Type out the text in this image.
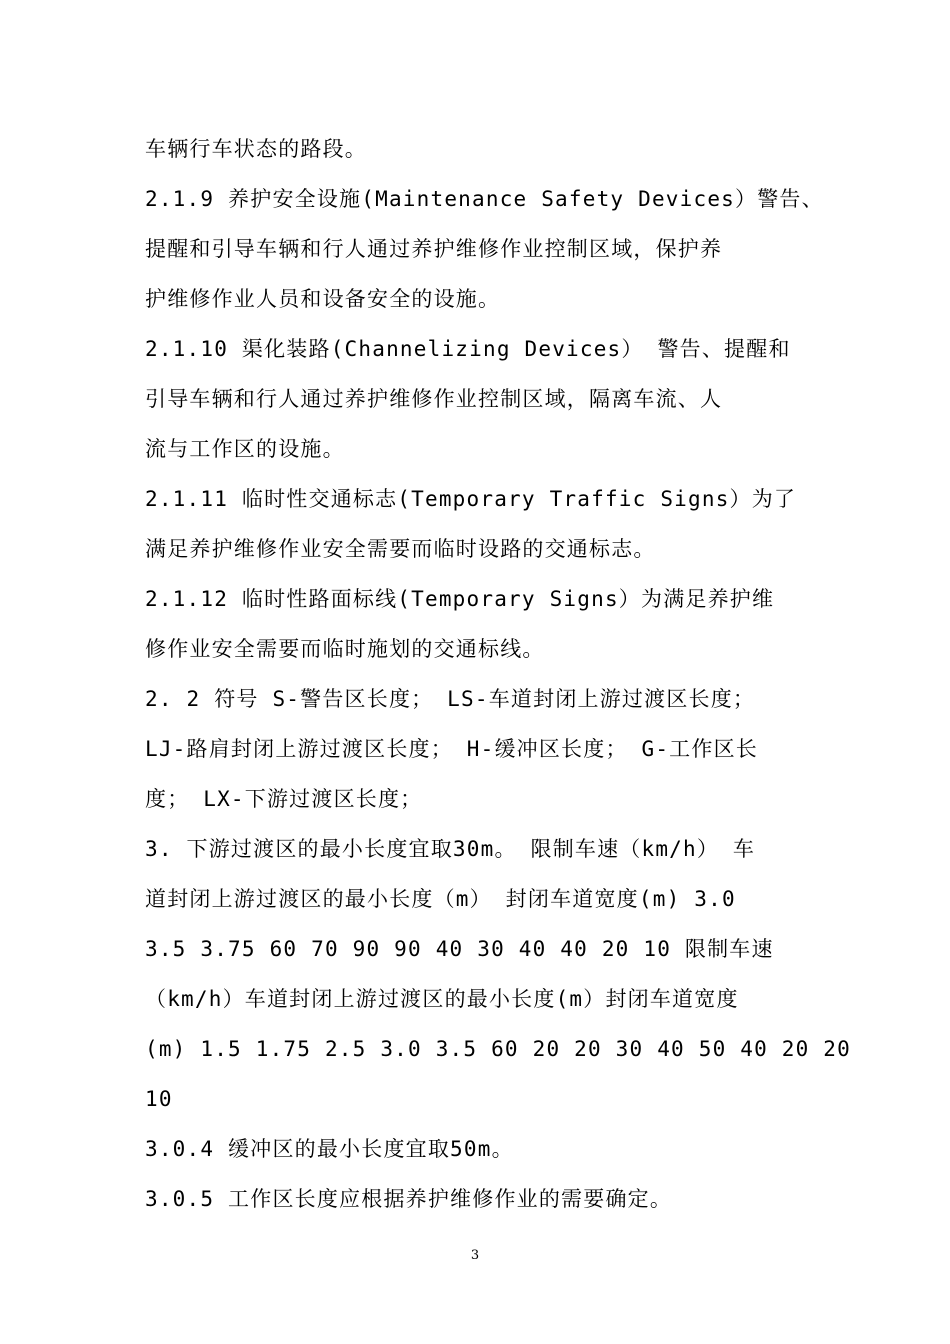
车辆行车状态的路段。
2.1.9 养护安全设施(Maintenance Safety Devices）警告、
提醒和引导车辆和行人通过养护维修作业控制区域，保护养
护维修作业人员和设备安全的设施。
2.1.10 渠化装路(Channelizing Devices） 警告、提醒和
引导车辆和行人通过养护维修作业控制区域，隔离车流、人
流与工作区的设施。
2.1.11 临时性交通标志(Temporary Traffic Signs）为了
满足养护维修作业安全需要而临时设路的交通标志。
2.1.12 临时性路面标线(Temporary Signs）为满足养护维
修作业安全需要而临时施划的交通标线。
2. 2 符号 S-警告区长度； LS-车道封闭上游过渡区长度；
LJ-路肩封闭上游过渡区长度； H-缓冲区长度； G-工作区长
度； LX-下游过渡区长度；
3. 下游过渡区的最小长度宜取30m。 限制车速（km/h） 车
道封闭上游过渡区的最小长度（m） 封闭车道宽度(m) 3.0
3.5 3.75 60 70 90 90 40 30 40 40 20 10 限制车速
（km/h）车道封闭上游过渡区的最小长度(m）封闭车道宽度
(m) 1.5 1.75 2.5 3.0 3.5 60 20 20 30 40 50 40 20 20
10
3.0.4 缓冲区的最小长度宜取50m。
3.0.5 工作区长度应根据养护维修作业的需要确定。
3
